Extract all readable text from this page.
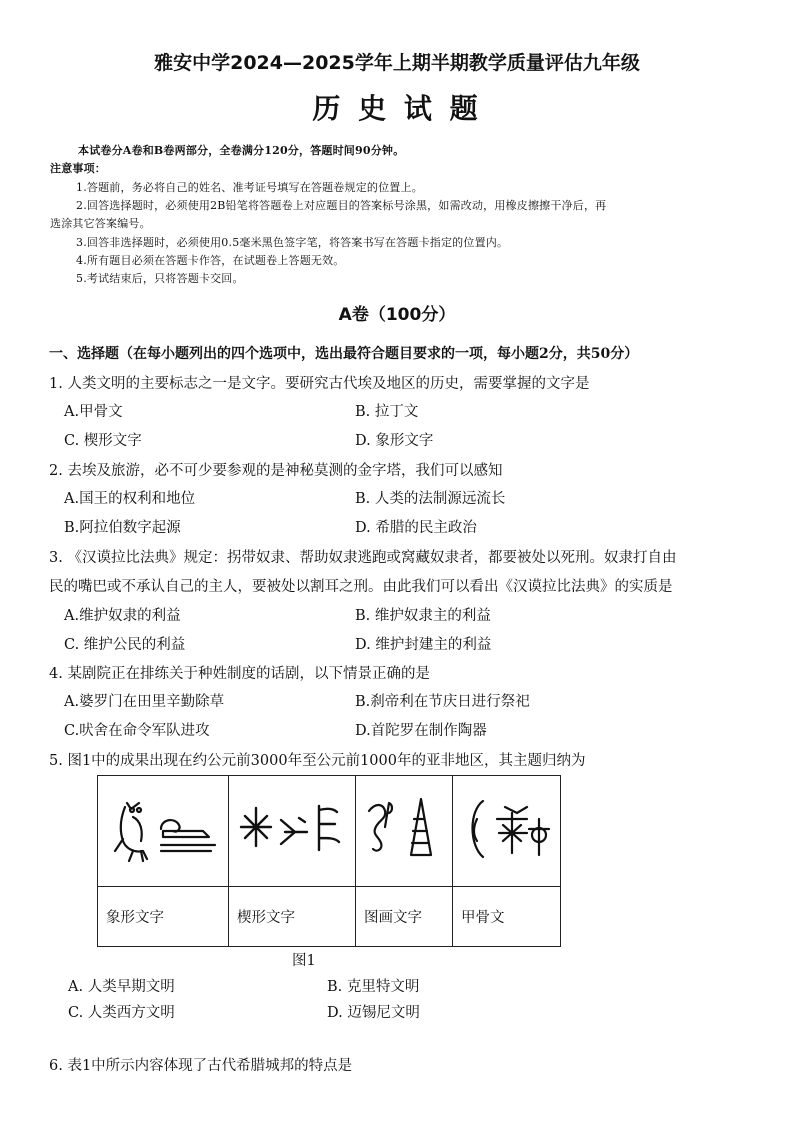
雅安中学2024—2025学年上期半期教学质量评估九年级
历 史 试 题
本试卷分A卷和B卷两部分，全卷满分120分，答题时间90分钟。
注意事项：
1.答题前，务必将自己的姓名、准考证号填写在答题卷规定的位置上。
2.回答选择题时，必须使用2B铅笔将答题卷上对应题目的答案标号涂黑，如需改动，用橡皮擦擦干净后，再
选涂其它答案编号。
3.回答非选择题时，必须使用0.5毫米黑色签字笔，将答案书写在答题卡指定的位置内。
4.所有题目必须在答题卡作答，在试题卷上答题无效。
5.考试结束后，只将答题卡交回。
A卷（100分）
一、选择题（在每小题列出的四个选项中，选出最符合题目要求的一项，每小题2分，共50分）
1. 人类文明的主要标志之一是文字。要研究古代埃及地区的历史，需要掌握的文字是
A.甲骨文	B. 拉丁文
C. 楔形文字	D. 象形文字
2. 去埃及旅游，必不可少要参观的是神秘莫测的金字塔，我们可以感知
A.国王的权利和地位	B. 人类的法制源远流长
B.阿拉伯数字起源	D. 希腊的民主政治
3. 《汉谟拉比法典》规定：拐带奴隶、帮助奴隶逃跑或窝藏奴隶者，都要被处以死刑。奴隶打自由
民的嘴巴或不承认自己的主人，要被处以割耳之刑。由此我们可以看出《汉谟拉比法典》的实质是
A.维护奴隶的利益	B. 维护奴隶主的利益
C. 维护公民的利益	D. 维护封建主的利益
4. 某剧院正在排练关于种姓制度的话剧，以下情景正确的是
A.婆罗门在田里辛勤除草	B.刹帝利在节庆日进行祭祀
C.吠舍在命令军队进攻	D.首陀罗在制作陶器
5. 图1中的成果出现在约公元前3000年至公元前1000年的亚非地区，其主题归纳为

象形文字	楔形文字	图画文字	甲骨文
图1
A. 人类早期文明	B. 克里特文明
C. 人类西方文明	D. 迈锡尼文明
6. 表1中所示内容体现了古代希腊城邦的特点是
